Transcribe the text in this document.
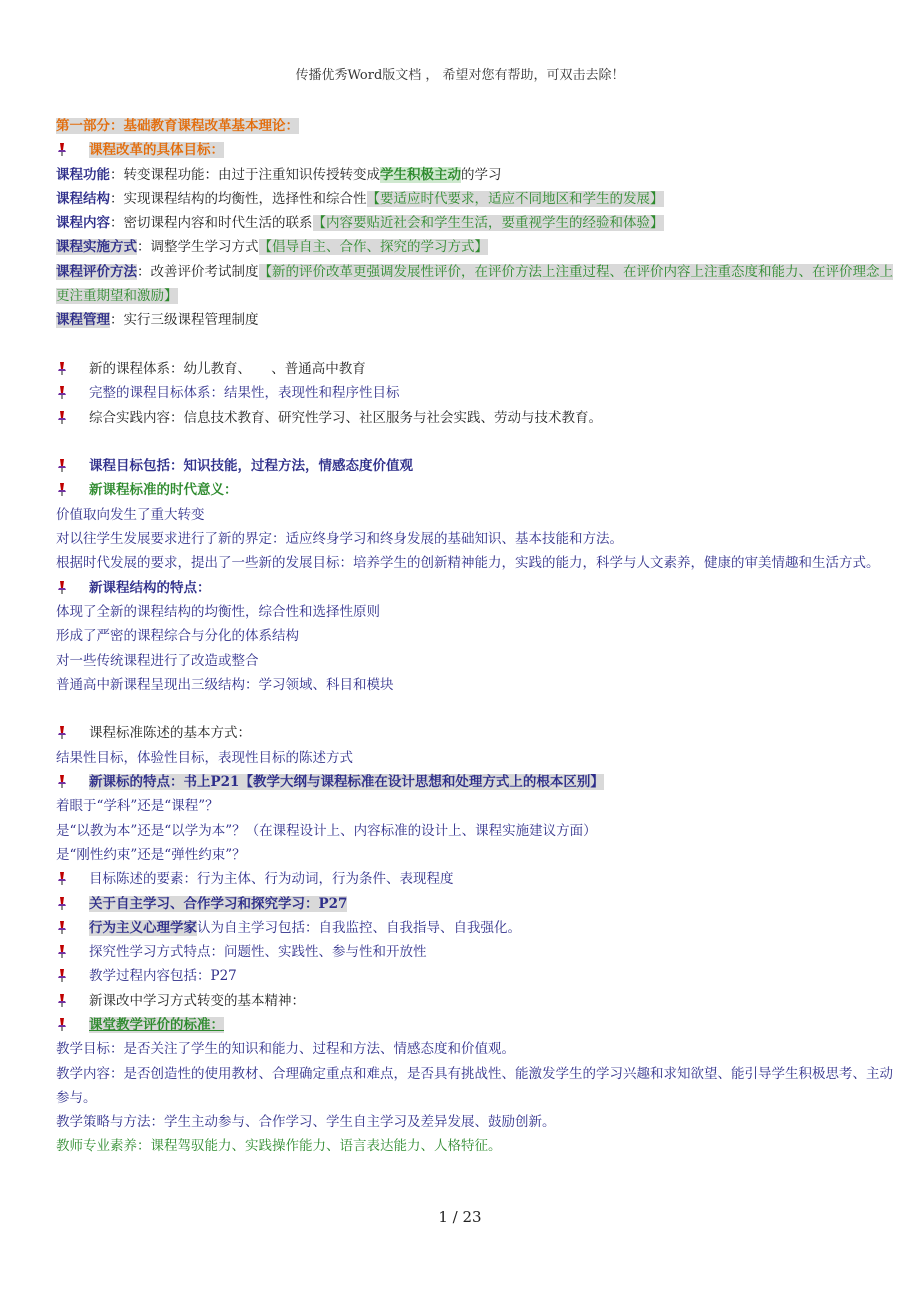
传播优秀Word版文档 ， 希望对您有帮助，可双击去除！
第一部分：基础教育课程改革基本理论：
课程改革的具体目标：
课程功能：转变课程功能：由过于注重知识传授转变成学生积极主动的学习
课程结构：实现课程结构的均衡性，选择性和综合性【要适应时代要求，适应不同地区和学生的发展】
课程内容：密切课程内容和时代生活的联系【内容要贴近社会和学生生活，要重视学生的经验和体验】
课程实施方式：调整学生学习方式【倡导自主、合作、探究的学习方式】
课程评价方法：改善评价考试制度【新的评价改革更强调发展性评价，在评价方法上注重过程、在评价内容上注重态度和能力、在评价理念上更注重期望和激励】
课程管理：实行三级课程管理制度
新的课程体系：幼儿教育、　　、普通高中教育
完整的课程目标体系：结果性，表现性和程序性目标
综合实践内容：信息技术教育、研究性学习、社区服务与社会实践、劳动与技术教育。
课程目标包括：知识技能，过程方法，情感态度价值观
新课程标准的时代意义：
价值取向发生了重大转变
对以往学生发展要求进行了新的界定：适应终身学习和终身发展的基础知识、基本技能和方法。
根据时代发展的要求，提出了一些新的发展目标：培养学生的创新精神能力，实践的能力，科学与人文素养，健康的审美情趣和生活方式。
新课程结构的特点：
体现了全新的课程结构的均衡性，综合性和选择性原则
形成了严密的课程综合与分化的体系结构
对一些传统课程进行了改造或整合
普通高中新课程呈现出三级结构：学习领域、科目和模块
课程标准陈述的基本方式：
结果性目标，体验性目标，表现性目标的陈述方式
新课标的特点：书上P21【教学大纲与课程标准在设计思想和处理方式上的根本区别】
着眼于“学科”还是“课程”？
是“以教为本”还是“以学为本”？（在课程设计上、内容标准的设计上、课程实施建议方面）
是“刚性约束”还是“弹性约束”？
目标陈述的要素：行为主体、行为动词，行为条件、表现程度
关于自主学习、合作学习和探究学习：P27
行为主义心理学家认为自主学习包括：自我监控、自我指导、自我强化。
探究性学习方式特点：问题性、实践性、参与性和开放性
教学过程内容包括：P27
新课改中学习方式转变的基本精神：
课堂教学评价的标准：
教学目标：是否关注了学生的知识和能力、过程和方法、情感态度和价值观。
教学内容：是否创造性的使用教材、合理确定重点和难点，是否具有挑战性、能激发学生的学习兴趣和求知欲望、能引导学生积极思考、主动参与。
教学策略与方法：学生主动参与、合作学习、学生自主学习及差异发展、鼓励创新。
教师专业素养：课程驾驭能力、实践操作能力、语言表达能力、人格特征。
1 / 23
